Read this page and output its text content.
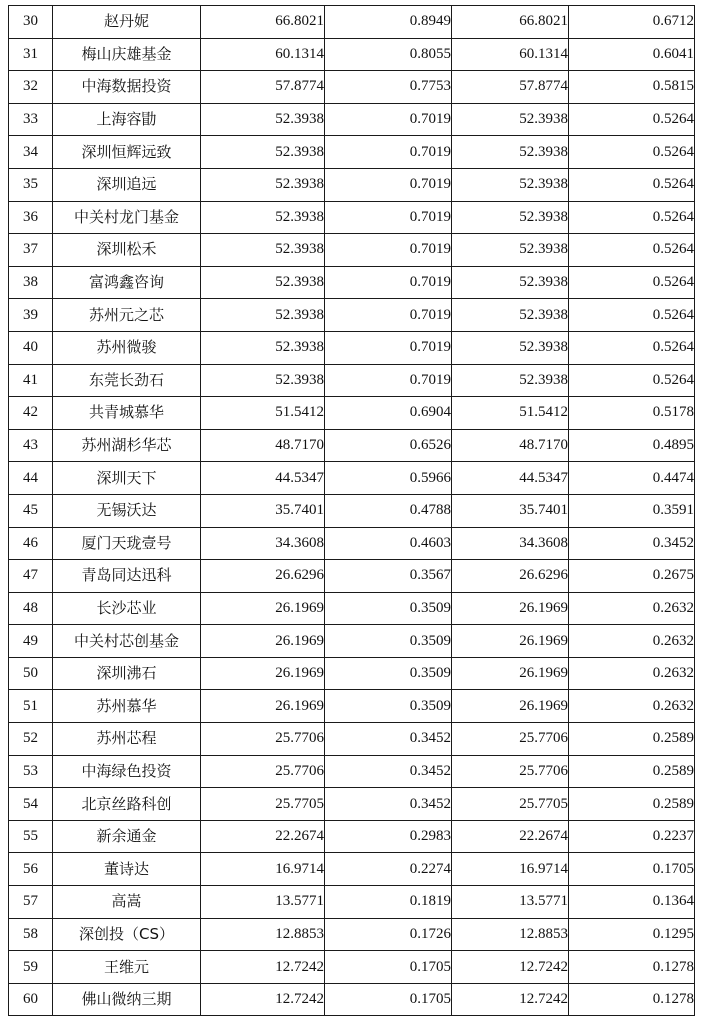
30	赵丹妮	66.8021	0.8949	66.8021	0.6712
31	梅山庆雄基金	60.1314	0.8055	60.1314	0.6041
32	中海数据投资	57.8774	0.7753	57.8774	0.5815
33	上海容勖	52.3938	0.7019	52.3938	0.5264
34	深圳恒辉远致	52.3938	0.7019	52.3938	0.5264
35	深圳追远	52.3938	0.7019	52.3938	0.5264
36	中关村龙门基金	52.3938	0.7019	52.3938	0.5264
37	深圳松禾	52.3938	0.7019	52.3938	0.5264
38	富鸿鑫咨询	52.3938	0.7019	52.3938	0.5264
39	苏州元之芯	52.3938	0.7019	52.3938	0.5264
40	苏州微骏	52.3938	0.7019	52.3938	0.5264
41	东莞长劲石	52.3938	0.7019	52.3938	0.5264
42	共青城慕华	51.5412	0.6904	51.5412	0.5178
43	苏州湖杉华芯	48.7170	0.6526	48.7170	0.4895
44	深圳天下	44.5347	0.5966	44.5347	0.4474
45	无锡沃达	35.7401	0.4788	35.7401	0.3591
46	厦门天珑壹号	34.3608	0.4603	34.3608	0.3452
47	青岛同达迅科	26.6296	0.3567	26.6296	0.2675
48	长沙芯业	26.1969	0.3509	26.1969	0.2632
49	中关村芯创基金	26.1969	0.3509	26.1969	0.2632
50	深圳沸石	26.1969	0.3509	26.1969	0.2632
51	苏州慕华	26.1969	0.3509	26.1969	0.2632
52	苏州芯程	25.7706	0.3452	25.7706	0.2589
53	中海绿色投资	25.7706	0.3452	25.7706	0.2589
54	北京丝路科创	25.7705	0.3452	25.7705	0.2589
55	新余通金	22.2674	0.2983	22.2674	0.2237
56	董诗达	16.9714	0.2274	16.9714	0.1705
57	高嵩	13.5771	0.1819	13.5771	0.1364
58	深创投（CS）	12.8853	0.1726	12.8853	0.1295
59	王维元	12.7242	0.1705	12.7242	0.1278
60	佛山微纳三期	12.7242	0.1705	12.7242	0.1278
